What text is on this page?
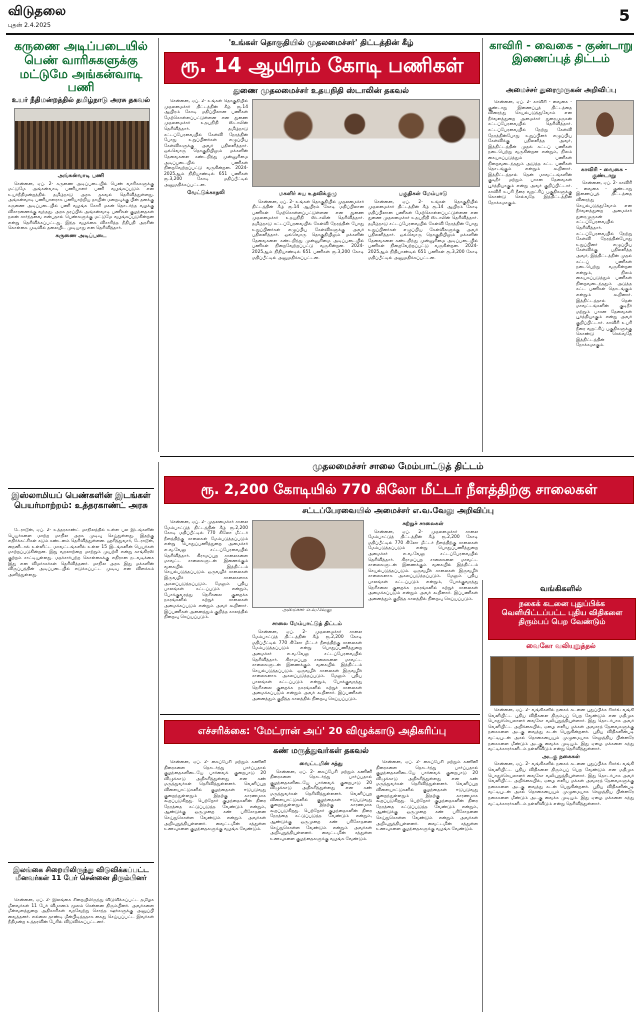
விடுதலை
புதன் 2.4.2025
5
கருணை அடிப்படையில் பெண் வாரிசுகளுக்கு மட்டுமே அங்கன்வாடி பணி
உயர் நீதிமன்றத்தில் தமிழ்நாடு அரசு தகவல்

அங்கன்வாடி பணி

சென்னை, ஏப். 2- கருணை அடிப்படையில் பெண் வாரிசுகளுக்கு மட்டுமே அங்கன்வாடி பணியாளர் பணி வழங்கப்படும் என உயர்நீதிமன்றத்தில் தமிழ்நாடு அரசு தகவல் தெரிவித்துள்ளது. அங்கன்வாடி பணியாளராக பணியாற்றிய தாயின் மறைவுக்கு பின் தனக்கு கருணை அடிப்படையில் பணி வழங்க கோரி மகன் தொடர்ந்த வழக்கு விசாரணைக்கு வந்தது. அரசு தரப்பில் அங்கன்வாடி பணிகள் குழந்தைகள் நலன் சார்ந்தவை என்பதால் பெண்களுக்கு மட்டுமே வழங்கப்படுகின்றன என்று தெரிவிக்கப்பட்டது. இந்த வழக்கை விசாரித்த நீதிபதி அரசின் கொள்கை முடிவில் தலையிட முடியாது என தெரிவித்தார்.

கருணை அடிப்படை

இஸ்லாமியப் பெண்களின் இடங்கள் பெயர்மாற்றம்: உத்தரகாண்ட் அரசு

டேராடூன், ஏப். 2- உத்தரகாண்ட் மாநிலத்தில் உள்ள பல இடங்களின் பெயர்களை மாற்ற மாநில அரசு முடிவு செய்துள்ளது. இதற்கு எதிர்க்கட்சிகள் கடும் கண்டனம் தெரிவித்துள்ளன. ஹரித்துவார், டேராடூன், நைனிடால் உள்ளிட்ட மாவட்டங்களில் உள்ள 15 இடங்களின் பெயர்கள் மாற்றப்படுகின்றன. இது வரலாற்றை மாற்றும் முயற்சி என்று காங்கிரஸ் குற்றம் சாட்டியுள்ளது. மதச்சார்பற்ற கொள்கைக்கு எதிரான நடவடிக்கை இது என விமர்சகர்கள் தெரிவித்தனர். மாநில அரசு இது மக்களின் விருப்பத்தின் அடிப்படையில் எடுக்கப்பட்ட முடிவு என விளக்கம் அளித்துள்ளது.

இலங்கை சிறையிலிருந்து விடுவிக்கப்பட்ட மீனவர்கள் 11 பேர் சென்னை திரும்பினர்

சென்னை, ஏப். 2- இலங்கை சிறையிலிருந்து விடுவிக்கப்பட்ட தமிழக மீனவர்கள் 11 பேர் விமானம் மூலம் சென்னை திரும்பினர். அவர்களை மீன்வளத்துறை அதிகாரிகள் வரவேற்று சொந்த ஊர்களுக்கு அனுப்பி வைத்தனர். எல்லை தாண்டி மீன்பிடித்ததாக கைது செய்யப்பட்ட இவர்கள் நீதிமன்ற உத்தரவின் பேரில் விடுவிக்கப்பட்டனர்.

'உங்கள் தொகுதியில் முதலமைச்சர்' திட்டத்தின் கீழ்
ரூ. 14 ஆயிரம் கோடி பணிகள்
துணை முதலமைச்சர் உதயநிதி ஸ்டாலின் தகவல்

சென்னை, ஏப். 2- உங்கள் தொகுதியில் முதலமைச்சர் திட்டத்தின் கீழ் ரூ.14 ஆயிரம் கோடி மதிப்பிலான பணிகள் மேற்கொள்ளப்பட்டுள்ளன என துணை முதலமைச்சர் உதயநிதி ஸ்டாலின் தெரிவித்தார். தமிழ்நாடு சட்டப்பேரவையில் கேள்வி நேரத்தின் போது உறுப்பினர்கள் எழுப்பிய கேள்விகளுக்கு அவர் பதிலளித்தார். ஒவ்வொரு தொகுதியிலும் மக்களின் தேவைகளை கண்டறிந்து முன்னுரிமை அடிப்படையில் பணிகள் நிறைவேற்றப்பட்டு வருகின்றன. 2024-2025ஆம் நிதியாண்டில் 651 பணிகள் ரூ.3,200 கோடி மதிப்பீட்டில் அனுமதிக்கப்பட்டன.

வேட்டுக்காதலி	மகளிர் சுய உதவிக்குழு

சென்னை, ஏப். 2- உங்கள் தொகுதியில் முதலமைச்சர் திட்டத்தின் கீழ் ரூ.14 ஆயிரம் கோடி மதிப்பிலான பணிகள் மேற்கொள்ளப்பட்டுள்ளன என துணை முதலமைச்சர் உதயநிதி ஸ்டாலின் தெரிவித்தார். தமிழ்நாடு சட்டப்பேரவையில் கேள்வி நேரத்தின் போது உறுப்பினர்கள் எழுப்பிய கேள்விகளுக்கு அவர் பதிலளித்தார். ஒவ்வொரு தொகுதியிலும் மக்களின் தேவைகளை கண்டறிந்து முன்னுரிமை அடிப்படையில் பணிகள் நிறைவேற்றப்பட்டு வருகின்றன. 2024-2025ஆம் நிதியாண்டில் 651 பணிகள் ரூ.3,200 கோடி மதிப்பீட்டில் அனுமதிக்கப்பட்டன.

பகுதிகள் மேம்பாடு

சென்னை, ஏப். 2- உங்கள் தொகுதியில் முதலமைச்சர் திட்டத்தின் கீழ் ரூ.14 ஆயிரம் கோடி மதிப்பிலான பணிகள் மேற்கொள்ளப்பட்டுள்ளன என துணை முதலமைச்சர் உதயநிதி ஸ்டாலின் தெரிவித்தார். தமிழ்நாடு சட்டப்பேரவையில் கேள்வி நேரத்தின் போது உறுப்பினர்கள் எழுப்பிய கேள்விகளுக்கு அவர் பதிலளித்தார். ஒவ்வொரு தொகுதியிலும் மக்களின் தேவைகளை கண்டறிந்து முன்னுரிமை அடிப்படையில் பணிகள் நிறைவேற்றப்பட்டு வருகின்றன. 2024-2025ஆம் நிதியாண்டில் 651 பணிகள் ரூ.3,200 கோடி மதிப்பீட்டில் அனுமதிக்கப்பட்டன.

காவிரி - வைகை - குண்டாறு இணைப்புத் திட்டம்
அமைச்சர் துரைமுருகன் அறிவிப்பு

சென்னை, ஏப். 2- காவிரி - வைகை - குண்டாறு இணைப்புத் திட்டத்தை விரைந்து செயல்படுத்துவோம் என நீர்வளத்துறை அமைச்சர் துரைமுருகன் சட்டப்பேரவையில் தெரிவித்தார். சட்டப்பேரவையில் நேற்று கேள்வி நேரத்தின்போது உறுப்பினர் எழுப்பிய கேள்விக்கு பதிலளித்த அவர், இத்திட்டத்தின் முதல் கட்டப் பணிகள் நடைபெற்று வருகின்றன என்றும், நிலம் கையகப்படுத்தும் பணிகள் நிறைவடைந்ததும் அடுத்த கட்ட பணிகள் தொடங்கும் என்றும் கூறினார். இத்திட்டத்தால் தென் மாவட்டங்களின் குடிநீர் மற்றும் பாசன தேவைகள் பூர்த்தியாகும் என்று அவர் குறிப்பிட்டார். காவிரி உபரி நீரை வறட்சிப் பகுதிகளுக்கு கொண்டு செல்வதே இத்திட்டத்தின் நோக்கமாகும்.

காவிரி - வைகை - குண்டாறு

சென்னை, ஏப். 2- காவிரி - வைகை - குண்டாறு இணைப்புத் திட்டத்தை விரைந்து செயல்படுத்துவோம் என நீர்வளத்துறை அமைச்சர் துரைமுருகன் சட்டப்பேரவையில் தெரிவித்தார். சட்டப்பேரவையில் நேற்று கேள்வி நேரத்தின்போது உறுப்பினர் எழுப்பிய கேள்விக்கு பதிலளித்த அவர், இத்திட்டத்தின் முதல் கட்டப் பணிகள் நடைபெற்று வருகின்றன என்றும், நிலம் கையகப்படுத்தும் பணிகள் நிறைவடைந்ததும் அடுத்த கட்ட பணிகள் தொடங்கும் என்றும் கூறினார். இத்திட்டத்தால் தென் மாவட்டங்களின் குடிநீர் மற்றும் பாசன தேவைகள் பூர்த்தியாகும் என்று அவர் குறிப்பிட்டார். காவிரி உபரி நீரை வறட்சிப் பகுதிகளுக்கு கொண்டு செல்வதே இத்திட்டத்தின் நோக்கமாகும்.

முதலமைச்சர் சாலை மேம்பாட்டுத் திட்டம்
ரூ. 2,200 கோடியில் 770 கிலோ மீட்டர் நீளத்திற்கு சாலைகள்
சட்டப்பேரவையில் அமைச்சர் எ.வ.வேலு அறிவிப்பு
அமைச்சர் எ.வ.வேலு

சென்னை, ஏப். 2- முதலமைச்சர் சாலை மேம்பாட்டுத் திட்டத்தின் கீழ் ரூ.2,200 கோடி மதிப்பீட்டில் 770 கிலோ மீட்டர் நீளத்திற்கு சாலைகள் மேம்படுத்தப்படும் என்று பொதுப்பணித்துறை அமைச்சர் எ.வ.வேலு சட்டப்பேரவையில் தெரிவித்தார். கிராமப்புற சாலைகளை மாவட்ட சாலைகளுடன் இணைக்கும் வகையில் இத்திட்டம் செயல்படுத்தப்படும். ஒருவழிச் சாலைகள் இருவழிச் சாலைகளாக அகலப்படுத்தப்படும். மேலும் புதிய பாலங்கள் கட்டப்படும் என்றும், போக்குவரத்து நெரிசலை குறைக்க நகரங்களில் சுற்றுச் சாலைகள் அமைக்கப்படும் என்றும் அவர் கூறினார். இப்பணிகள் அனைத்தும் குறித்த காலத்தில் நிறைவு செய்யப்படும்.

சாலை மேம்பாட்டுத் திட்டம்

சென்னை, ஏப். 2- முதலமைச்சர் சாலை மேம்பாட்டுத் திட்டத்தின் கீழ் ரூ.2,200 கோடி மதிப்பீட்டில் 770 கிலோ மீட்டர் நீளத்திற்கு சாலைகள் மேம்படுத்தப்படும் என்று பொதுப்பணித்துறை அமைச்சர் எ.வ.வேலு சட்டப்பேரவையில் தெரிவித்தார். கிராமப்புற சாலைகளை மாவட்ட சாலைகளுடன் இணைக்கும் வகையில் இத்திட்டம் செயல்படுத்தப்படும். ஒருவழிச் சாலைகள் இருவழிச் சாலைகளாக அகலப்படுத்தப்படும். மேலும் புதிய பாலங்கள் கட்டப்படும் என்றும், போக்குவரத்து நெரிசலை குறைக்க நகரங்களில் சுற்றுச் சாலைகள் அமைக்கப்படும் என்றும் அவர் கூறினார். இப்பணிகள் அனைத்தும் குறித்த காலத்தில் நிறைவு செய்யப்படும்.

சுற்றுச் சாலைகள்

சென்னை, ஏப். 2- முதலமைச்சர் சாலை மேம்பாட்டுத் திட்டத்தின் கீழ் ரூ.2,200 கோடி மதிப்பீட்டில் 770 கிலோ மீட்டர் நீளத்திற்கு சாலைகள் மேம்படுத்தப்படும் என்று பொதுப்பணித்துறை அமைச்சர் எ.வ.வேலு சட்டப்பேரவையில் தெரிவித்தார். கிராமப்புற சாலைகளை மாவட்ட சாலைகளுடன் இணைக்கும் வகையில் இத்திட்டம் செயல்படுத்தப்படும். ஒருவழிச் சாலைகள் இருவழிச் சாலைகளாக அகலப்படுத்தப்படும். மேலும் புதிய பாலங்கள் கட்டப்படும் என்றும், போக்குவரத்து நெரிசலை குறைக்க நகரங்களில் சுற்றுச் சாலைகள் அமைக்கப்படும் என்றும் அவர் கூறினார். இப்பணிகள் அனைத்தும் குறித்த காலத்தில் நிறைவு செய்யப்படும்.

வங்கிகளில்
நகைக் கடனை புதுப்பிக்க வெளியிட்டப்பட்ட புதிய விதிகளை திரும்பப் பெற வேண்டும்
வைகோ வலியுறுத்தல்

சென்னை, ஏப். 2- வங்கிகளில் நகைக் கடனை புதுப்பிக்க ரிசர்வ் வங்கி வெளியிட்ட புதிய விதிகளை திரும்பப் பெற வேண்டும் என மதிமுக பொதுச்செயலாளர் வைகோ வலியுறுத்தியுள்ளார். இது தொடர்பாக அவர் வெளியிட்ட அறிக்கையில், ஏழை எளிய மக்கள் அவசரத் தேவைகளுக்கு நகைகளை அடகு வைத்து கடன் பெறுகின்றனர். புதிய விதிகளின்படி வட்டியுடன் அசல் தொகையையும் முழுமையாக செலுத்திய பின்னரே நகைகளை மீண்டும் அடகு வைக்க முடியும். இது ஏழை மக்களை கந்து வட்டிக்காரர்களிடம் தள்ளிவிடும் என்று தெரிவித்துள்ளார்.

அடகு நகைகள்

சென்னை, ஏப். 2- வங்கிகளில் நகைக் கடனை புதுப்பிக்க ரிசர்வ் வங்கி வெளியிட்ட புதிய விதிகளை திரும்பப் பெற வேண்டும் என மதிமுக பொதுச்செயலாளர் வைகோ வலியுறுத்தியுள்ளார். இது தொடர்பாக அவர் வெளியிட்ட அறிக்கையில், ஏழை எளிய மக்கள் அவசரத் தேவைகளுக்கு நகைகளை அடகு வைத்து கடன் பெறுகின்றனர். புதிய விதிகளின்படி வட்டியுடன் அசல் தொகையையும் முழுமையாக செலுத்திய பின்னரே நகைகளை மீண்டும் அடகு வைக்க முடியும். இது ஏழை மக்களை கந்து வட்டிக்காரர்களிடம் தள்ளிவிடும் என்று தெரிவித்துள்ளார்.

எச்சரிக்கை: 'மேட்ரான் அப்' 20 விழுக்காடு அதிகரிப்பு
கண் மருத்துவர்கள் தகவல்

சென்னை, ஏப். 2- கைப்பேசி மற்றும் கணினி திரைகளை தொடர்ந்து பார்ப்பதால் குழந்தைகளிடையே பார்வைக் குறைபாடு 20 விழுக்காடு அதிகரித்துள்ளது என கண் மருத்துவர்கள் தெரிவித்துள்ளனர். வெளிப்புற விளையாட்டுகளில் குழந்தைகள் ஈடுபடுவது குறைந்துள்ளதும் இதற்கு காரணமாக கூறப்படுகிறது. பெற்றோர் குழந்தைகளின் திரை நேரத்தை கட்டுப்படுத்த வேண்டும் என்றும், ஆண்டுக்கு ஒருமுறை கண் பரிசோதனை செய்துகொள்ள வேண்டும் என்றும் அவர்கள் அறிவுறுத்தியுள்ளனர். வைட்டமின் சத்துள்ள உணவுகளை குழந்தைகளுக்கு வழங்க வேண்டும்.

வைட்டமின் சத்து

சென்னை, ஏப். 2- கைப்பேசி மற்றும் கணினி திரைகளை தொடர்ந்து பார்ப்பதால் குழந்தைகளிடையே பார்வைக் குறைபாடு 20 விழுக்காடு அதிகரித்துள்ளது என கண் மருத்துவர்கள் தெரிவித்துள்ளனர். வெளிப்புற விளையாட்டுகளில் குழந்தைகள் ஈடுபடுவது குறைந்துள்ளதும் இதற்கு காரணமாக கூறப்படுகிறது. பெற்றோர் குழந்தைகளின் திரை நேரத்தை கட்டுப்படுத்த வேண்டும் என்றும், ஆண்டுக்கு ஒருமுறை கண் பரிசோதனை செய்துகொள்ள வேண்டும் என்றும் அவர்கள் அறிவுறுத்தியுள்ளனர். வைட்டமின் சத்துள்ள உணவுகளை குழந்தைகளுக்கு வழங்க வேண்டும்.

சென்னை, ஏப். 2- கைப்பேசி மற்றும் கணினி திரைகளை தொடர்ந்து பார்ப்பதால் குழந்தைகளிடையே பார்வைக் குறைபாடு 20 விழுக்காடு அதிகரித்துள்ளது என கண் மருத்துவர்கள் தெரிவித்துள்ளனர். வெளிப்புற விளையாட்டுகளில் குழந்தைகள் ஈடுபடுவது குறைந்துள்ளதும் இதற்கு காரணமாக கூறப்படுகிறது. பெற்றோர் குழந்தைகளின் திரை நேரத்தை கட்டுப்படுத்த வேண்டும் என்றும், ஆண்டுக்கு ஒருமுறை கண் பரிசோதனை செய்துகொள்ள வேண்டும் என்றும் அவர்கள் அறிவுறுத்தியுள்ளனர். வைட்டமின் சத்துள்ள உணவுகளை குழந்தைகளுக்கு வழங்க வேண்டும்.
